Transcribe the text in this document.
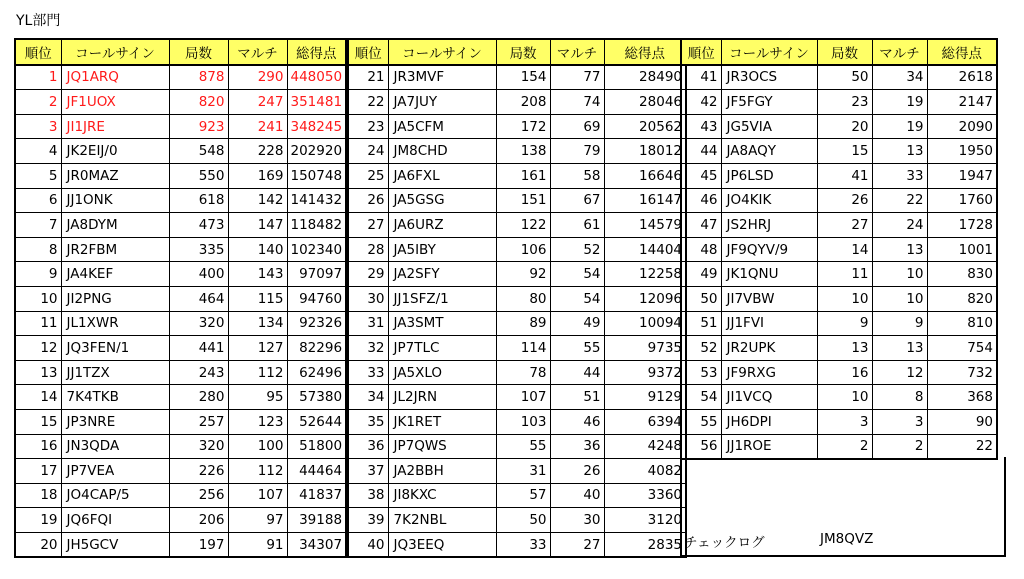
YL部門
順位	コールサイン	局数	マルチ	総得点
1	JQ1ARQ	878	290	448050
2	JF1UOX	820	247	351481
3	JI1JRE	923	241	348245
4	JK2EIJ/0	548	228	202920
5	JR0MAZ	550	169	150748
6	JJ1ONK	618	142	141432
7	JA8DYM	473	147	118482
8	JR2FBM	335	140	102340
9	JA4KEF	400	143	97097
10	JI2PNG	464	115	94760
11	JL1XWR	320	134	92326
12	JQ3FEN/1	441	127	82296
13	JJ1TZX	243	112	62496
14	7K4TKB	280	95	57380
15	JP3NRE	257	123	52644
16	JN3QDA	320	100	51800
17	JP7VEA	226	112	44464
18	JO4CAP/5	256	107	41837
19	JQ6FQI	206	97	39188
20	JH5GCV	197	91	34307
順位	コールサイン	局数	マルチ	総得点
21	JR3MVF	154	77	28490
22	JA7JUY	208	74	28046
23	JA5CFM	172	69	20562
24	JM8CHD	138	79	18012
25	JA6FXL	161	58	16646
26	JA5GSG	151	67	16147
27	JA6URZ	122	61	14579
28	JA5IBY	106	52	14404
29	JA2SFY	92	54	12258
30	JJ1SFZ/1	80	54	12096
31	JA3SMT	89	49	10094
32	JP7TLC	114	55	9735
33	JA5XLO	78	44	9372
34	JL2JRN	107	51	9129
35	JK1RET	103	46	6394
36	JP7QWS	55	36	4248
37	JA2BBH	31	26	4082
38	JI8KXC	57	40	3360
39	7K2NBL	50	30	3120
40	JQ3EEQ	33	27	2835
順位	コールサイン	局数	マルチ	総得点
41	JR3OCS	50	34	2618
42	JF5FGY	23	19	2147
43	JG5VIA	20	19	2090
44	JA8AQY	15	13	1950
45	JP6LSD	41	33	1947
46	JO4KIK	26	22	1760
47	JS2HRJ	27	24	1728
48	JF9QYV/9	14	13	1001
49	JK1QNU	11	10	830
50	JI7VBW	10	10	820
51	JJ1FVI	9	9	810
52	JR2UPK	13	13	754
53	JF9RXG	16	12	732
54	JI1VCQ	10	8	368
55	JH6DPI	3	3	90
56	JJ1ROE	2	2	22
チェックログ	JM8QVZ
